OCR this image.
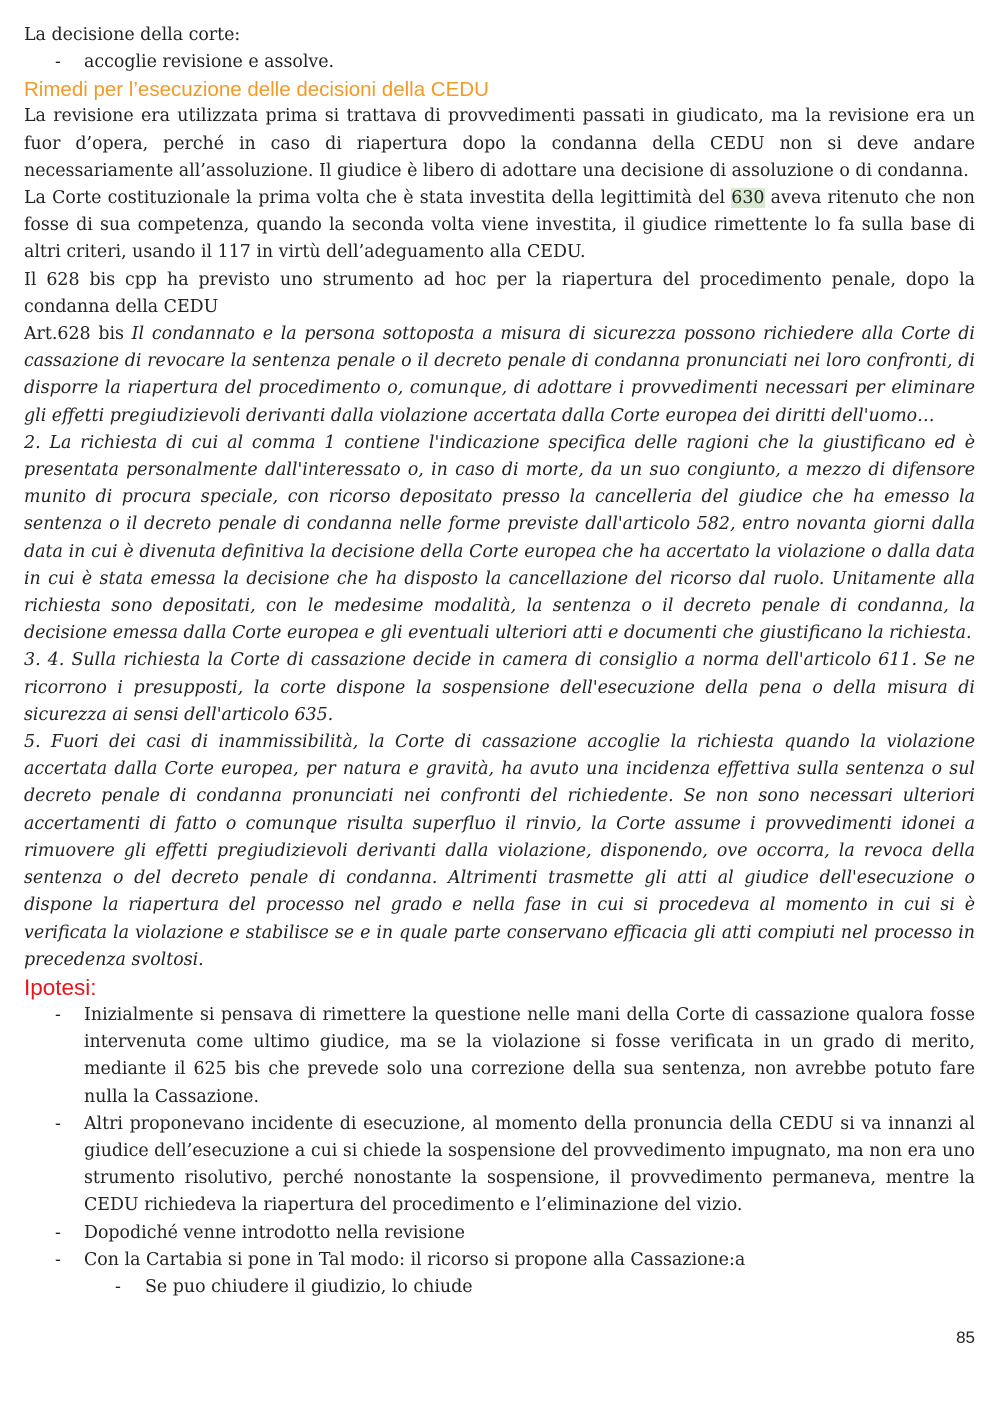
La decisione della corte:

- accoglie revisione e assolve.
Rimedi per l’esecuzione delle decisioni della CEDU

La revisione era utilizzata prima si trattava di provvedimenti passati in giudicato, ma la revisione era un fuor d’opera, perché in caso di riapertura dopo la condanna della CEDU non si deve andare necessariamente all’assoluzione. Il giudice è libero di adottare una decisione di assoluzione o di condanna.

La Corte costituzionale la prima volta che è stata investita della legittimità del 630 aveva ritenuto che non fosse di sua competenza, quando la seconda volta viene investita, il giudice rimettente lo fa sulla base di altri criteri, usando il 117 in virtù dell’adeguamento alla CEDU.

Il 628 bis cpp ha previsto uno strumento ad hoc per la riapertura del procedimento penale, dopo la condanna della CEDU

Art.628 bis Il condannato e la persona sottoposta a misura di sicurezza possono richiedere alla Corte di cassazione di revocare la sentenza penale o il decreto penale di condanna pronunciati nei loro confronti, di disporre la riapertura del procedimento o, comunque, di adottare i provvedimenti necessari per eliminare gli effetti pregiudizievoli derivanti dalla violazione accertata dalla Corte europea dei diritti dell'uomo…

2. La richiesta di cui al comma 1 contiene l'indicazione specifica delle ragioni che la giustificano ed è presentata personalmente dall'interessato o, in caso di morte, da un suo congiunto, a mezzo di difensore munito di procura speciale, con ricorso depositato presso la cancelleria del giudice che ha emesso la sentenza o il decreto penale di condanna nelle forme previste dall'articolo 582, entro novanta giorni dalla data in cui è divenuta definitiva la decisione della Corte europea che ha accertato la violazione o dalla data in cui è stata emessa la decisione che ha disposto la cancellazione del ricorso dal ruolo. Unitamente alla richiesta sono depositati, con le medesime modalità, la sentenza o il decreto penale di condanna, la decisione emessa dalla Corte europea e gli eventuali ulteriori atti e documenti che giustificano la richiesta.

3. 4. Sulla richiesta la Corte di cassazione decide in camera di consiglio a norma dell'articolo 611. Se ne ricorrono i presupposti, la corte dispone la sospensione dell'esecuzione della pena o della misura di sicurezza ai sensi dell'articolo 635.

5. Fuori dei casi di inammissibilità, la Corte di cassazione accoglie la richiesta quando la violazione accertata dalla Corte europea, per natura e gravità, ha avuto una incidenza effettiva sulla sentenza o sul decreto penale di condanna pronunciati nei confronti del richiedente. Se non sono necessari ulteriori accertamenti di fatto o comunque risulta superfluo il rinvio, la Corte assume i provvedimenti idonei a rimuovere gli effetti pregiudizievoli derivanti dalla violazione, disponendo, ove occorra, la revoca della sentenza o del decreto penale di condanna. Altrimenti trasmette gli atti al giudice dell'esecuzione o dispone la riapertura del processo nel grado e nella fase in cui si procedeva al momento in cui si è verificata la violazione e stabilisce se e in quale parte conservano efficacia gli atti compiuti nel processo in precedenza svoltosi.

Ipotesi:
- Inizialmente si pensava di rimettere la questione nelle mani della Corte di cassazione qualora fosse intervenuta come ultimo giudice, ma se la violazione si fosse verificata in un grado di merito, mediante il 625 bis che prevede solo una correzione della sua sentenza, non avrebbe potuto fare nulla la Cassazione.
- Altri proponevano incidente di esecuzione, al momento della pronuncia della CEDU si va innanzi al giudice dell’esecuzione a cui si chiede la sospensione del provvedimento impugnato, ma non era uno strumento risolutivo, perché nonostante la sospensione, il provvedimento permaneva, mentre la CEDU richiedeva la riapertura del procedimento e l’eliminazione del vizio.
- Dopodiché venne introdotto nella revisione
- Con la Cartabia si pone in Tal modo: il ricorso si propone alla Cassazione:a
- Se puo chiudere il giudizio, lo chiude
85
